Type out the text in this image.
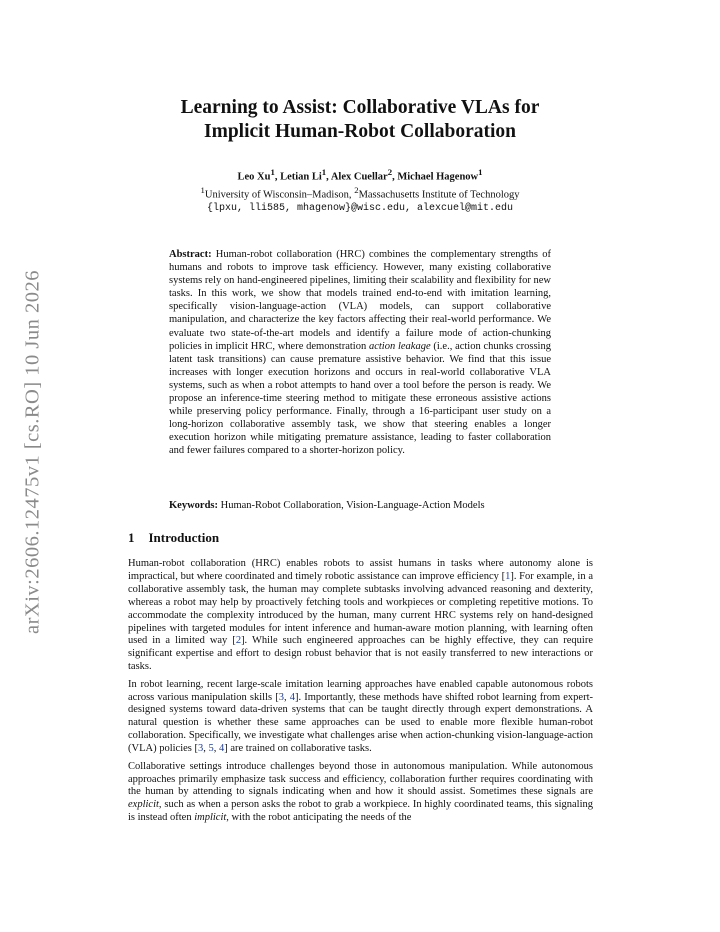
arXiv:2606.12475v1 [cs.RO] 10 Jun 2026
Learning to Assist: Collaborative VLAs for
Implicit Human-Robot Collaboration
Leo Xu$^1$, Letian Li$^1$, Alex Cuellar$^2$, Michael Hagenow$^1$
$^1$University of Wisconsin–Madison, $^2$Massachusetts Institute of Technology
{lpxu, lli585, mhagenow}@wisc.edu, alexcuel@mit.edu
Abstract: Human-robot collaboration (HRC) combines the complementary strengths of humans and robots to improve task efficiency. However, many existing collaborative systems rely on hand-engineered pipelines, limiting their scalability and flexibility for new tasks. In this work, we show that models trained end-to-end with imitation learning, specifically vision-language-action (VLA) models, can support collaborative manipulation, and characterize the key factors affecting their real-world performance. We evaluate two state-of-the-art models and identify a failure mode of action-chunking policies in implicit HRC, where demonstration action leakage (i.e., action chunks crossing latent task transitions) can cause premature assistive behavior. We find that this issue increases with longer execution horizons and occurs in real-world collaborative VLA systems, such as when a robot attempts to hand over a tool before the person is ready. We propose an inference-time steering method to mitigate these erroneous assistive actions while preserving policy performance. Finally, through a 16-participant user study on a long-horizon collaborative assembly task, we show that steering enables a longer execution horizon while mitigating premature assistance, leading to faster collaboration and fewer failures compared to a shorter-horizon policy.
Keywords: Human-Robot Collaboration, Vision-Language-Action Models
1 Introduction

Human-robot collaboration (HRC) enables robots to assist humans in tasks where autonomy alone is impractical, but where coordinated and timely robotic assistance can improve efficiency [1]. For example, in a collaborative assembly task, the human may complete subtasks involving advanced reasoning and dexterity, whereas a robot may help by proactively fetching tools and workpieces or completing repetitive motions. To accommodate the complexity introduced by the human, many current HRC systems rely on hand-designed pipelines with targeted modules for intent inference and human-aware motion planning, with learning often used in a limited way [2]. While such engineered approaches can be highly effective, they can require significant expertise and effort to design robust behavior that is not easily transferred to new interactions or tasks.

In robot learning, recent large-scale imitation learning approaches have enabled capable autonomous robots across various manipulation skills [3, 4]. Importantly, these methods have shifted robot learning from expert-designed systems toward data-driven systems that can be taught directly through expert demonstrations. A natural question is whether these same approaches can be used to enable more flexible human-robot collaboration. Specifically, we investigate what challenges arise when action-chunking vision-language-action (VLA) policies [3, 5, 4] are trained on collaborative tasks.

Collaborative settings introduce challenges beyond those in autonomous manipulation. While autonomous approaches primarily emphasize task success and efficiency, collaboration further requires coordinating with the human by attending to signals indicating when and how it should assist. Sometimes these signals are explicit, such as when a person asks the robot to grab a workpiece. In highly coordinated teams, this signaling is instead often implicit, with the robot anticipating the needs of the
